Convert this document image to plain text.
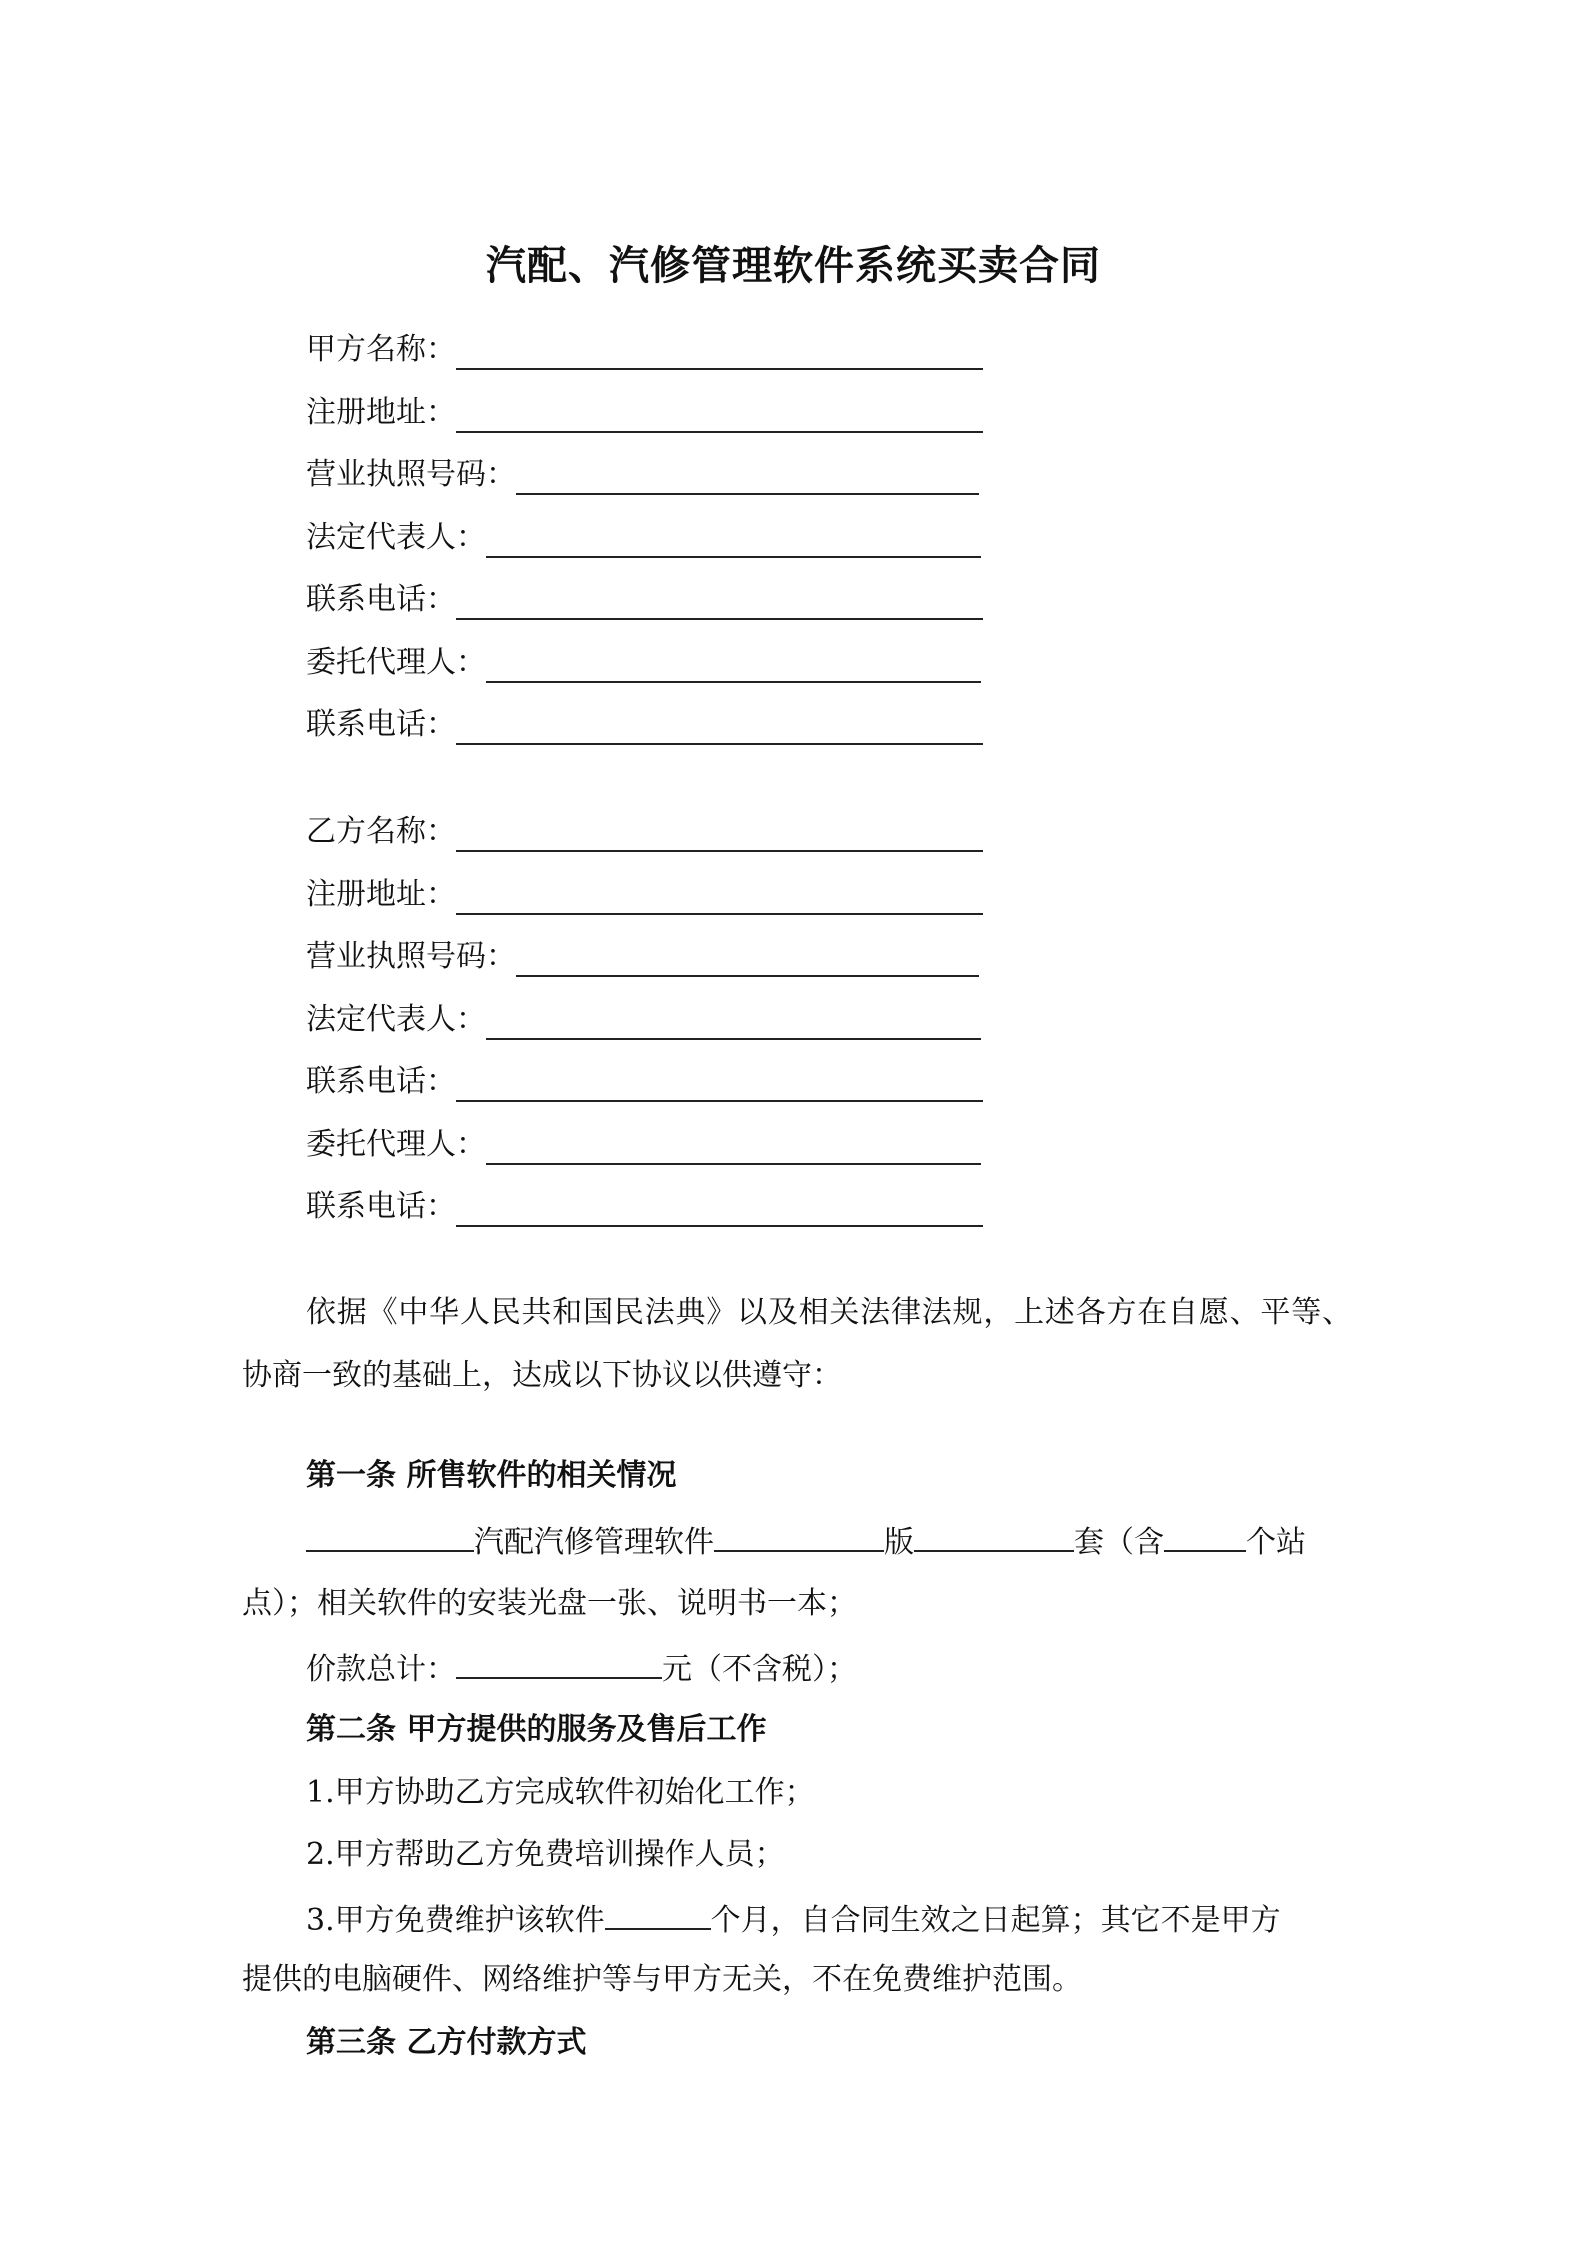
汽配、汽修管理软件系统买卖合同
甲方名称：
注册地址：
营业执照号码：
法定代表人：
联系电话：
委托代理人：
联系电话：
乙方名称：
注册地址：
营业执照号码：
法定代表人：
联系电话：
委托代理人：
联系电话：

依据《中华人民共和国民法典》以及相关法律法规，上述各方在自愿、平等、协商一致的基础上，达成以下协议以供遵守：

第一条 所售软件的相关情况
汽配汽修管理软件	版	套（含	个站
点）；相关软件的安装光盘一张、说明书一本；
价款总计：	元（不含税）；
第二条 甲方提供的服务及售后工作
1.甲方协助乙方完成软件初始化工作；
2.甲方帮助乙方免费培训操作人员；
3.甲方免费维护该软件	个月，自合同生效之日起算；其它不是甲方
提供的电脑硬件、网络维护等与甲方无关，不在免费维护范围。
第三条 乙方付款方式
